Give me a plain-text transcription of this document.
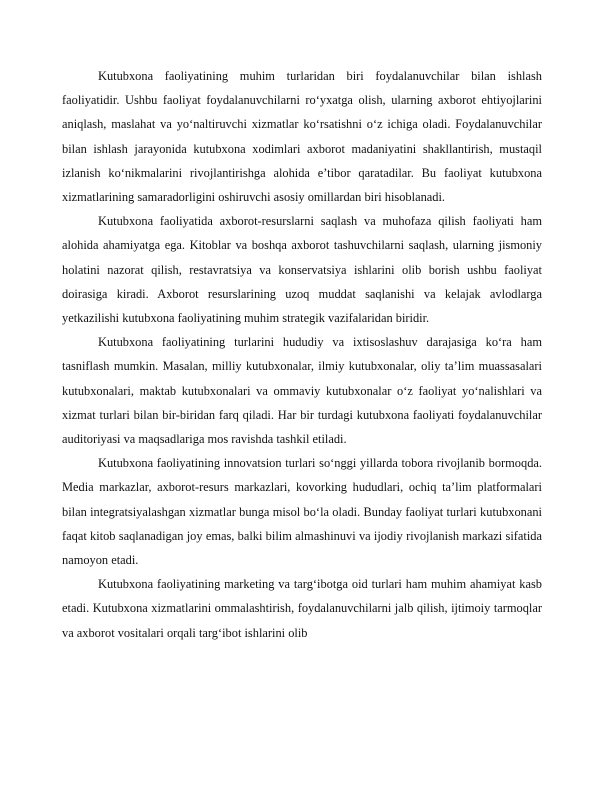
Kutubxona faoliyatining muhim turlaridan biri foydalanuvchilar bilan ishlash faoliyatidir. Ushbu faoliyat foydalanuvchilarni ro‘yxatga olish, ularning axborot ehtiyojlarini aniqlash, maslahat va yo‘naltiruvchi xizmatlar ko‘rsatishni o‘z ichiga oladi. Foydalanuvchilar bilan ishlash jarayonida kutubxona xodimlari axborot madaniyatini shakllantirish, mustaqil izlanish ko‘nikmalarini rivojlantirishga alohida e’tibor qaratadilar. Bu faoliyat kutubxona xizmatlarining samaradorligini oshiruvchi asosiy omillardan biri hisoblanadi.

Kutubxona faoliyatida axborot-resurslarni saqlash va muhofaza qilish faoliyati ham alohida ahamiyatga ega. Kitoblar va boshqa axborot tashuvchilarni saqlash, ularning jismoniy holatini nazorat qilish, restavratsiya va konservatsiya ishlarini olib borish ushbu faoliyat doirasiga kiradi. Axborot resurslarining uzoq muddat saqlanishi va kelajak avlodlarga yetkazilishi kutubxona faoliyatining muhim strategik vazifalaridan biridir.

Kutubxona faoliyatining turlarini hududiy va ixtisoslashuv darajasiga ko‘ra ham tasniflash mumkin. Masalan, milliy kutubxonalar, ilmiy kutubxonalar, oliy ta’lim muassasalari kutubxonalari, maktab kutubxonalari va ommaviy kutubxonalar o‘z faoliyat yo‘nalishlari va xizmat turlari bilan bir-biridan farq qiladi. Har bir turdagi kutubxona faoliyati foydalanuvchilar auditoriyasi va maqsadlariga mos ravishda tashkil etiladi.

Kutubxona faoliyatining innovatsion turlari so‘nggi yillarda tobora rivojlanib bormoqda. Media markazlar, axborot-resurs markazlari, kovorking hududlari, ochiq ta’lim platformalari bilan integratsiyalashgan xizmatlar bunga misol bo‘la oladi. Bunday faoliyat turlari kutubxonani faqat kitob saqlanadigan joy emas, balki bilim almashinuvi va ijodiy rivojlanish markazi sifatida namoyon etadi.

Kutubxona faoliyatining marketing va targ‘ibotga oid turlari ham muhim ahamiyat kasb etadi. Kutubxona xizmatlarini ommalashtirish, foydalanuvchilarni jalb qilish, ijtimoiy tarmoqlar va axborot vositalari orqali targ‘ibot ishlarini olib
